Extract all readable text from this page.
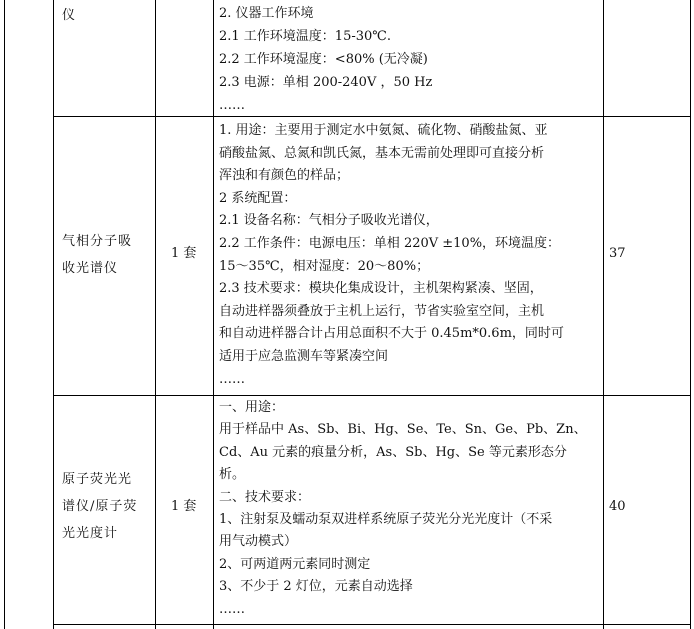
仪	2. 仪器工作环境
2.1 工作环境温度：15-30℃.
2.2 工作环境湿度：<80% (无冷凝)
2.3 电源：单相 200-240V ，50 Hz
……
气相分子吸
收光谱仪
1 套
1. 用途：主要用于测定水中氨氮、硫化物、硝酸盐氮、亚
硝酸盐氮、总氮和凯氏氮，基本无需前处理即可直接分析
浑浊和有颜色的样品；
2 系统配置：
2.1 设备名称：气相分子吸收光谱仪，
2.2 工作条件：电源电压：单相 220V ±10%，环境温度：
15～35℃，相对湿度：20～80%；
2.3 技术要求：模块化集成设计，主机架构紧凑、坚固，
自动进样器须叠放于主机上运行，节省实验室空间，主机
和自动进样器合计占用总面积不大于 0.45m*0.6m，同时可
适用于应急监测车等紧凑空间
……
37
原子荧光光
谱仪/原子荧
光光度计
1 套
一、用途：
用于样品中 As、Sb、Bi、Hg、Se、Te、Sn、Ge、Pb、Zn、
Cd、Au 元素的痕量分析，As、Sb、Hg、Se 等元素形态分
析。
二、技术要求：
1、注射泵及蠕动泵双进样系统原子荧光分光光度计（不采
用气动模式）
2、可两道两元素同时测定
3、不少于 2 灯位，元素自动选择
……
40
